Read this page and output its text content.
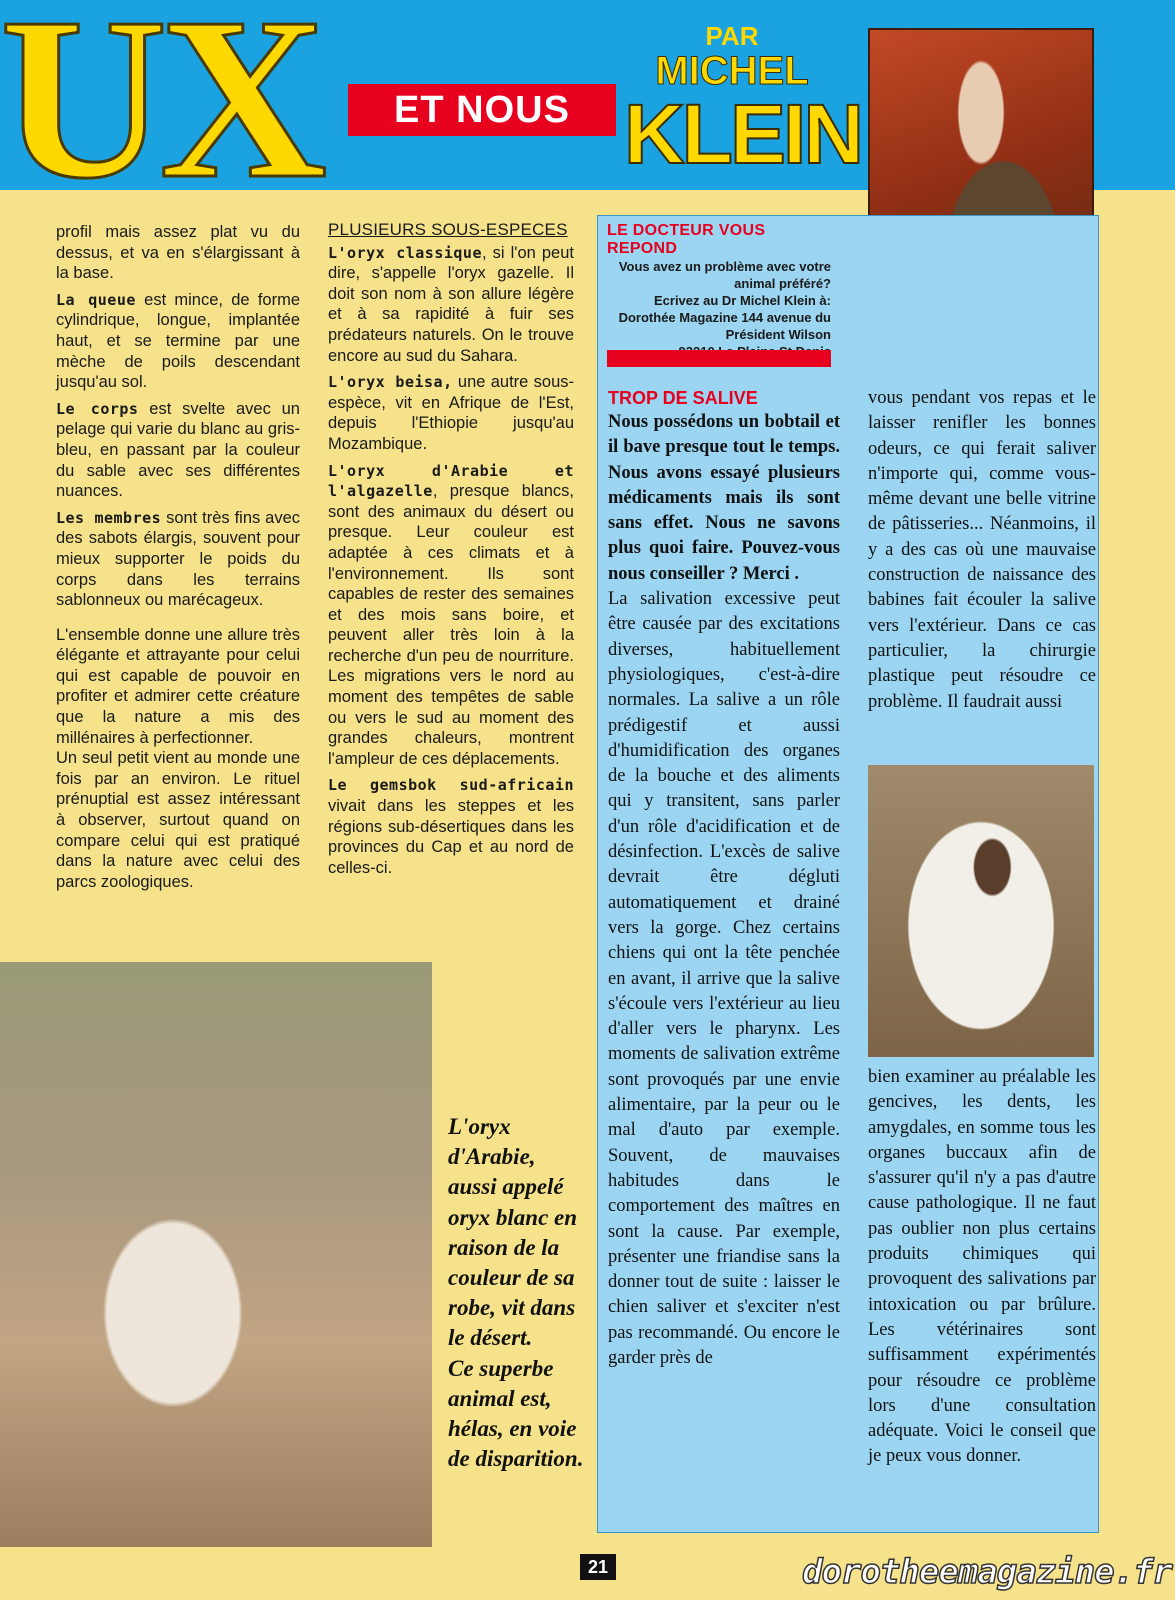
UX	ET NOUS
PAR
MICHEL
KLEIN

profil mais assez plat vu du dessus, et va en s'élargissant à la base.

La queue est mince, de forme cylindrique, longue, implantée haut, et se termine par une mèche de poils descendant jusqu'au sol.

Le corps est svelte avec un pelage qui varie du blanc au gris-bleu, en passant par la couleur du sable avec ses différentes nuances.

Les membres sont très fins avec des sabots élargis, souvent pour mieux supporter le poids du corps dans les terrains sablonneux ou marécageux.

L'ensemble donne une allure très élégante et attrayante pour celui qui est capable de pouvoir en profiter et admirer cette créature que la nature a mis des millénaires à perfectionner.

Un seul petit vient au monde une fois par an environ. Le rituel prénuptial est assez intéressant à observer, surtout quand on compare celui qui est pratiqué dans la nature avec celui des parcs zoologiques.

PLUSIEURS SOUS-ESPECES

L'oryx classique, si l'on peut dire, s'appelle l'oryx gazelle. Il doit son nom à son allure légère et à sa rapidité à fuir ses prédateurs naturels. On le trouve encore au sud du Sahara.

L'oryx beisa, une autre sous-espèce, vit en Afrique de l'Est, depuis l'Ethiopie jusqu'au Mozambique.

L'oryx d'Arabie et l'algazelle, presque blancs, sont des animaux du désert ou presque. Leur couleur est adaptée à ces climats et à l'environnement. Ils sont capables de rester des semaines et des mois sans boire, et peuvent aller très loin à la recherche d'un peu de nourriture. Les migrations vers le nord au moment des tempêtes de sable ou vers le sud au moment des grandes chaleurs, montrent l'ampleur de ces déplacements.

Le gemsbok sud-africain vivait dans les steppes et les régions sub-désertiques dans les provinces du Cap et au nord de celles-ci.

L'oryx d'Arabie, aussi appelé oryx blanc en raison de la couleur de sa robe, vit dans le désert.

Ce superbe animal est, hélas, en voie de disparition.

LE DOCTEUR VOUS REPOND
Vous avez un problème avec votre animal préféré?
Ecrivez au Dr Michel Klein à:
Dorothée Magazine 144 avenue du Président Wilson

TROP DE SALIVE

Nous possédons un bobtail et il bave presque tout le temps. Nous avons essayé plusieurs médicaments mais ils sont sans effet. Nous ne savons plus quoi faire. Pouvez-vous nous conseiller ? Merci .

La salivation excessive peut être causée par des excitations diverses, habituellement physiologiques, c'est-à-dire normales. La salive a un rôle prédigestif et aussi d'humidification des organes de la bouche et des aliments qui y transitent, sans parler d'un rôle d'acidification et de désinfection. L'excès de salive devrait être dégluti automatiquement et drainé vers la gorge. Chez certains chiens qui ont la tête penchée en avant, il arrive que la salive s'écoule vers l'extérieur au lieu d'aller vers le pharynx. Les moments de salivation extrême sont provoqués par une envie alimentaire, par la peur ou le mal d'auto par exemple. Souvent, de mauvaises habitudes dans le comportement des maîtres en sont la cause. Par exemple, présenter une friandise sans la donner tout de suite : laisser le chien saliver et s'exciter n'est pas recommandé. Ou encore le garder près de

vous pendant vos repas et le laisser renifler les bonnes odeurs, ce qui ferait saliver n'importe qui, comme vous-même devant une belle vitrine de pâtisseries... Néanmoins, il y a des cas où une mauvaise construction de naissance des babines fait écouler la salive vers l'extérieur. Dans ce cas particulier, la chirurgie plastique peut résoudre ce problème. Il faudrait aussi

bien examiner au préalable les gencives, les dents, les amygdales, en somme tous les organes buccaux afin de s'assurer qu'il n'y a pas d'autre cause pathologique. Il ne faut pas oublier non plus certains produits chimiques qui provoquent des salivations par intoxication ou par brûlure. Les vétérinaires sont suffisamment expérimentés pour résoudre ce problème lors d'une consultation adéquate. Voici le conseil que je peux vous donner.

21	dorotheemagazine.fr
